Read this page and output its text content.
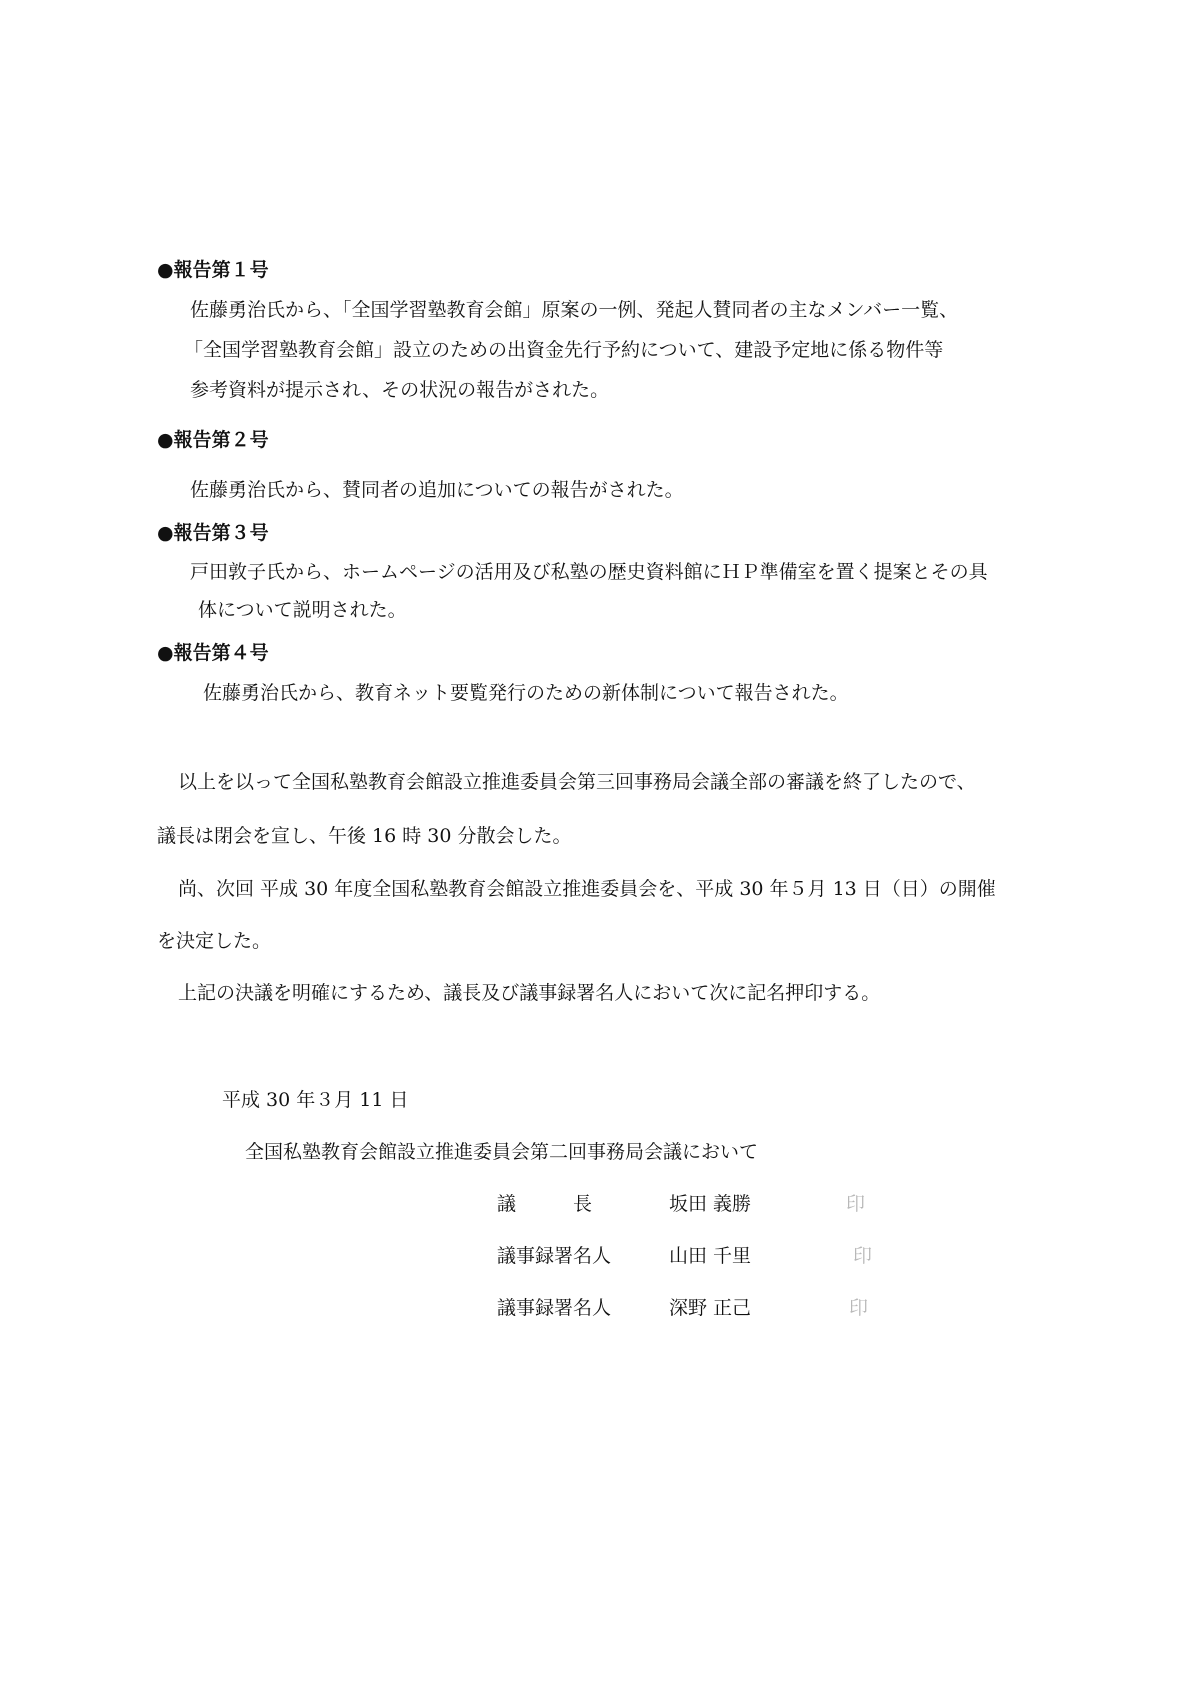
●報告第１号
佐藤勇治氏から、「全国学習塾教育会館」原案の一例、発起人賛同者の主なメンバー一覧、
「全国学習塾教育会館」設立のための出資金先行予約について、建設予定地に係る物件等
参考資料が提示され、その状況の報告がされた。
●報告第２号
佐藤勇治氏から、賛同者の追加についての報告がされた。
●報告第３号
戸田敦子氏から、ホームページの活用及び私塾の歴史資料館にＨＰ準備室を置く提案とその具
体について説明された。
●報告第４号
佐藤勇治氏から、教育ネット要覧発行のための新体制について報告された。
以上を以って全国私塾教育会館設立推進委員会第三回事務局会議全部の審議を終了したので、
議長は閉会を宣し、午後 16 時 30 分散会した。
尚、次回 平成 30 年度全国私塾教育会館設立推進委員会を、平成 30 年５月 13 日（日）の開催
を決定した。
上記の決議を明確にするため、議長及び議事録署名人において次に記名押印する。
平成 30 年３月 11 日
全国私塾教育会館設立推進委員会第二回事務局会議において
議　　　長	坂田 義勝	印
議事録署名人	山田 千里	印
議事録署名人	深野 正己	印
